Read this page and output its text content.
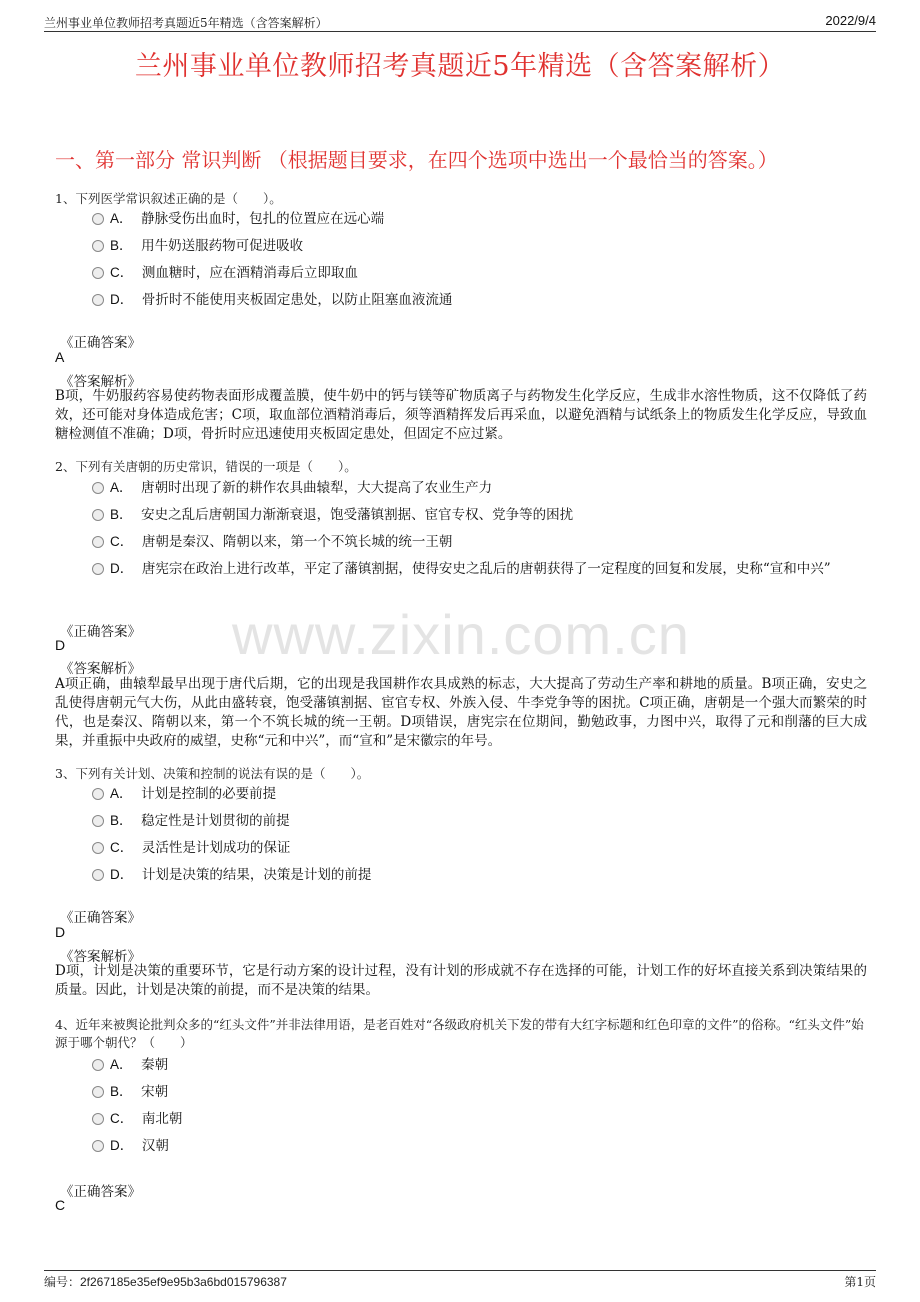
兰州事业单位教师招考真题近5年精选（含答案解析）	2022/9/4
兰州事业单位教师招考真题近5年精选（含答案解析）
一、第一部分 常识判断 （根据题目要求，在四个选项中选出一个最恰当的答案。）
1、下列医学常识叙述正确的是（　　）。
A． 静脉受伤出血时，包扎的位置应在远心端
B． 用牛奶送服药物可促进吸收
C． 测血糖时，应在酒精消毒后立即取血
D． 骨折时不能使用夹板固定患处，以防止阻塞血液流通
《正确答案》
A
《答案解析》
B项，牛奶服药容易使药物表面形成覆盖膜，使牛奶中的钙与镁等矿物质离子与药物发生化学反应，生成非水溶性物质，这不仅降低了药效，还可能对身体造成危害；C项，取血部位酒精消毒后，须等酒精挥发后再采血，以避免酒精与试纸条上的物质发生化学反应，导致血糖检测值不准确；D项，骨折时应迅速使用夹板固定患处，但固定不应过紧。
2、下列有关唐朝的历史常识，错误的一项是（　　）。
A． 唐朝时出现了新的耕作农具曲辕犁，大大提高了农业生产力
B． 安史之乱后唐朝国力渐渐衰退，饱受藩镇割据、宦官专权、党争等的困扰
C． 唐朝是秦汉、隋朝以来，第一个不筑长城的统一王朝
D． 唐宪宗在政治上进行改革，平定了藩镇割据，使得安史之乱后的唐朝获得了一定程度的回复和发展，史称“宣和中兴”
《正确答案》
D
《答案解析》
A项正确，曲辕犁最早出现于唐代后期，它的出现是我国耕作农具成熟的标志，大大提高了劳动生产率和耕地的质量。B项正确，安史之乱使得唐朝元气大伤，从此由盛转衰，饱受藩镇割据、宦官专权、外族入侵、牛李党争等的困扰。C项正确，唐朝是一个强大而繁荣的时代，也是秦汉、隋朝以来，第一个不筑长城的统一王朝。D项错误，唐宪宗在位期间，勤勉政事，力图中兴，取得了元和削藩的巨大成果，并重振中央政府的威望，史称“元和中兴”，而“宣和”是宋徽宗的年号。
3、下列有关计划、决策和控制的说法有误的是（　　）。
A． 计划是控制的必要前提
B． 稳定性是计划贯彻的前提
C． 灵活性是计划成功的保证
D． 计划是决策的结果，决策是计划的前提
《正确答案》
D
《答案解析》
D项，计划是决策的重要环节，它是行动方案的设计过程，没有计划的形成就不存在选择的可能，计划工作的好坏直接关系到决策结果的质量。因此，计划是决策的前提，而不是决策的结果。
4、近年来被舆论批判众多的“红头文件”并非法律用语，是老百姓对“各级政府机关下发的带有大红字标题和红色印章的文件”的俗称。“红头文件”始源于哪个朝代？（　　）
A． 秦朝
B． 宋朝
C． 南北朝
D． 汉朝
《正确答案》
C
www.zixin.com.cn
编号：2f267185e35ef9e95b3a6bd015796387	第1页
